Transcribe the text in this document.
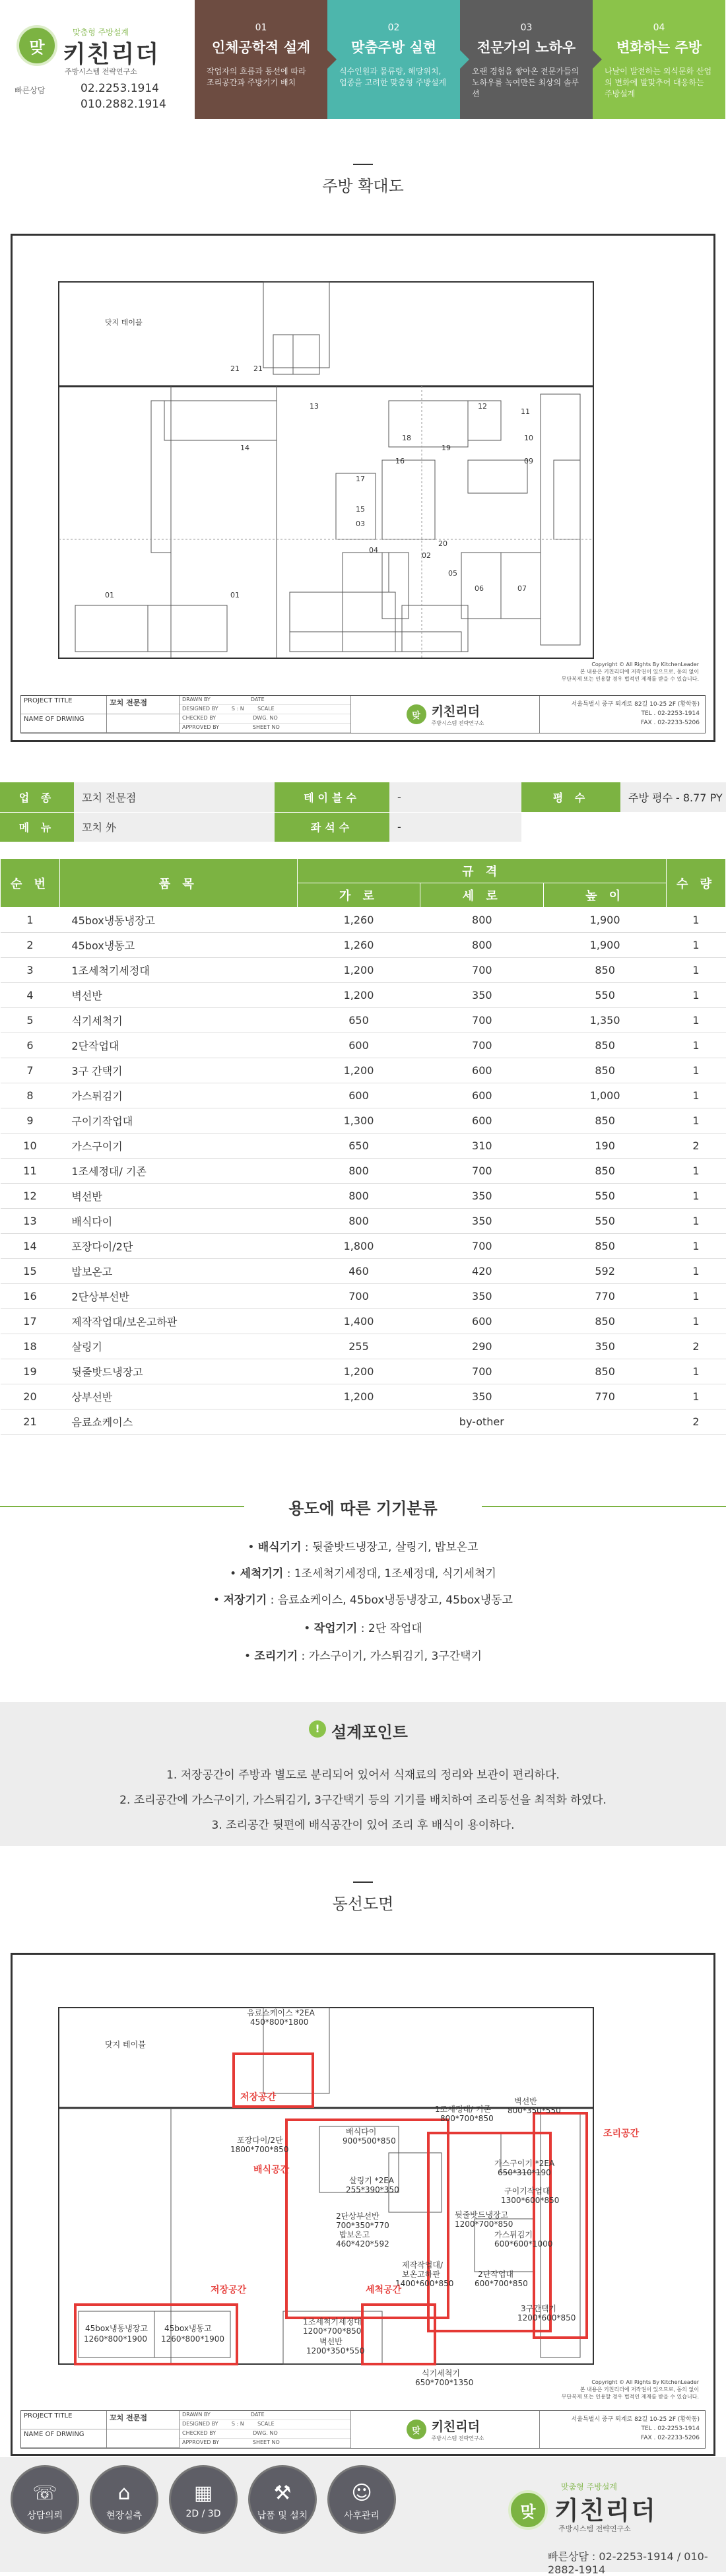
맞
맞춤형 주방설계
키친리더
주방시스템 전략연구소
빠른상담	02.2253.1914
010.2882.1914
01
인체공학적 설계
작업자의 흐름과 동선에 따라 조리공간과 주방기기 배치
02
맞춤주방 실현
식수인원과 물류량, 해당위치, 업종을 고려한 맞춤형 주방설계
03
전문가의 노하우
오랜 경험을 쌓아온 전문가들의 노하우를 녹여만든 최상의 솔루션
04
변화하는 주방
나날이 발전하는 외식문화 산업의 변화에 발맞추어 대응하는 주방설계
주방 확대도
닷지 테이블
21 21
13	12
11
10
09
14
18
19
16
17
15
03
04
20
02
05
06	07
01	01
Copyright © All Rights By KitchenLeader
본 내용은 키친리더에 저작권이 있으므로, 동의 없이
무단복제 또는 인용할 경우 법적인 제재를 받을 수 있습니다.
PROJECT TITLE
NAME OF DRWING
꼬치 전문점	DRAWN BY	DATE
DESIGNED BY	S : N	SCALE
CHECKED BY	DWG. NO
APPROVED BY	SHEET NO
맞 키친리더
주방시스템 전략연구소
서울특별시 중구 퇴계로 82길 10-25 2F (황학동)
TEL . 02-2253-1914
FAX . 02-2233-5206
업 종	꼬치 전문점	테이블수	-	평 수	주방 평수 - 8.77 PY
메 뉴	꼬치 外	좌석수	-		
순 번	품 목	규 격			수 량
		가 로	세 로	높 이	
1	45box냉동냉장고	1,260	800	1,900	1
2	45box냉동고	1,260	800	1,900	1
3	1조세척기세정대	1,200	700	850	1
4	벽선반	1,200	350	550	1
5	식기세척기	650	700	1,350	1
6	2단작업대	600	700	850	1
7	3구 간택기	1,200	600	850	1
8	가스튀김기	600	600	1,000	1
9	구이기작업대	1,300	600	850	1
10	가스구이기	650	310	190	2
11	1조세정대/ 기존	800	700	850	1
12	벽선반	800	350	550	1
13	배식다이	800	350	550	1
14	포장다이/2단	1,800	700	850	1
15	밥보온고	460	420	592	1
16	2단상부선반	700	350	770	1
17	제작작업대/보온고하판	1,400	600	850	1
18	살링기	255	290	350	2
19	뒷줄밧드냉장고	1,200	700	850	1
20	상부선반	1,200	350	770	1
21	음료쇼케이스	by-other			2
용도에 따른 기기분류
• 배식기기 : 뒷줄밧드냉장고, 살링기, 밥보온고
• 세척기기 : 1조세척기세정대, 1조세정대, 식기세척기
• 저장기기 : 음료쇼케이스, 45box냉동냉장고, 45box냉동고
• 작업기기 : 2단 작업대
• 조리기기 : 가스구이기, 가스튀김기, 3구간택기
! 설계포인트
1. 저장공간이 주방과 별도로 분리되어 있어서 식재료의 정리와 보관이 편리하다.
2. 조리공간에 가스구이기, 가스튀김기, 3구간택기 등의 기기를 배치하여 조리동선을 최적화 하였다.
3. 조리공간 뒷편에 배식공간이 있어 조리 후 배식이 용이하다.
동선도면
닷지 테이블
음료쇼케이스 *2EA
450*800*1800
배식다이
900*500*850
포장다이/2단
1800*700*850
살링기 *2EA
255*390*350
2단상부선반
700*350*770
밥보온고
460*420*592
1조세정대/ 기존
800*700*850
벽선반
800*350*550
가스구이기 *2EA
650*310*190
구이기작업대
1300*600*850
뒷줄밧드냉장고
1200*700*850
가스튀김기
600*600*1000
제작작업대/
보온고하판
1400*600*850
2단작업대
600*700*850
3구간택기
1200*600*850
45box냉동냉장고
1260*800*1900
45box냉동고
1260*800*1900
1조세척기세정대
1200*700*850
벽선반
1200*350*550
식기세척기
650*700*1350
저장공간
배식공간
조리공간
저장공간	세척공간
Copyright © All Rights By KitchenLeader
본 내용은 키친리더에 저작권이 있으므로, 동의 없이
무단복제 또는 인용할 경우 법적인 제재를 받을 수 있습니다.
PROJECT TITLE
NAME OF DRWING
꼬치 전문점	DRAWN BY	DATE
DESIGNED BY	S : N	SCALE
CHECKED BY	DWG. NO
APPROVED BY	SHEET NO
맞 키친리더
주방시스템 전략연구소
서울특별시 중구 퇴계로 82길 10-25 2F (황학동)
TEL . 02-2253-1914
FAX . 02-2233-5206
☏
상담의뢰
⌂
현장실측
▦
2D / 3D
⚒
납품 및 설치
☺
사후관리	맞
맞춤형 주방설계
키친리더
주방시스템 전략연구소
빠른상담 : 02-2253-1914 / 010-2882-1914
